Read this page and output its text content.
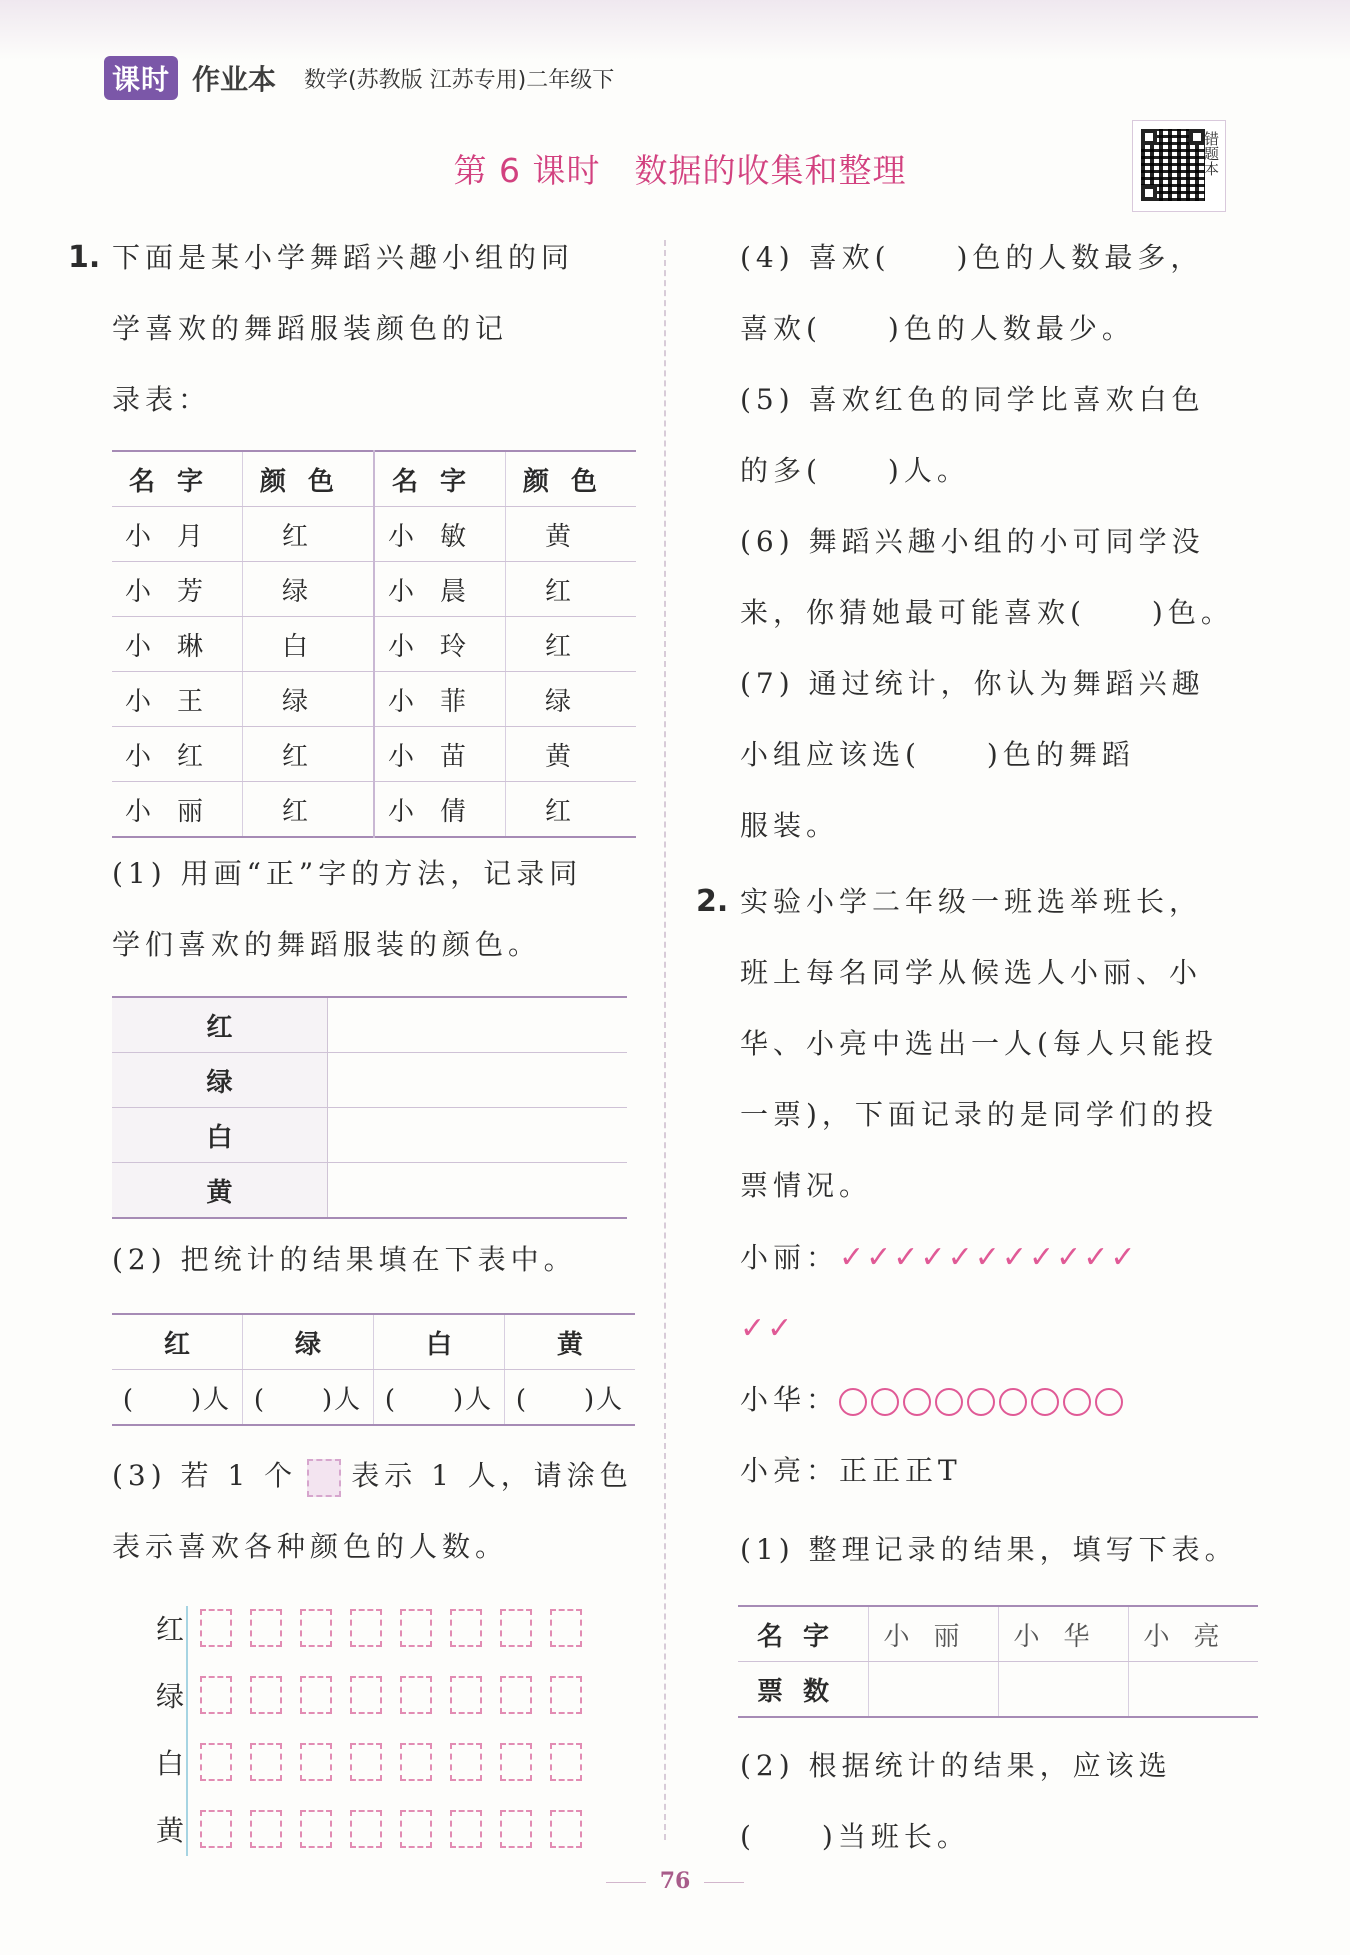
课时 作业本 数学(苏教版 江苏专用)二年级下
第 6 课时　数据的收集和整理	错题本
1. 下面是某小学舞蹈兴趣小组的同
学喜欢的舞蹈服装颜色的记
录表：
名字	颜色	名字	颜色
小月	红	小敏	黄
小芳	绿	小晨	红
小琳	白	小玲	红
小王	绿	小菲	绿
小红	红	小苗	黄
小丽	红	小倩	红
(1) 用画“正”字的方法，记录同
学们喜欢的舞蹈服装的颜色。
红	
绿	
白	
黄	
(2) 把统计的结果填在下表中。
红	绿	白	黄
(　　)人	(　　)人	(　　)人	(　　)人
(3) 若 1 个 表示 1 人，请涂色
表示喜欢各种颜色的人数。
红
绿
白
黄
(4) 喜欢(　　)色的人数最多，
喜欢(　　)色的人数最少。
(5) 喜欢红色的同学比喜欢白色
的多(　　)人。
(6) 舞蹈兴趣小组的小可同学没
来，你猜她最可能喜欢(　　)色。
(7) 通过统计，你认为舞蹈兴趣
小组应该选(　　)色的舞蹈
服装。
2. 实验小学二年级一班选举班长，
班上每名同学从候选人小丽、小
华、小亮中选出一人(每人只能投
一票)，下面记录的是同学们的投
票情况。
小丽：✓✓✓✓✓✓✓✓✓✓✓
✓✓
小华：
小亮：正正正T
(1) 整理记录的结果，填写下表。
名字	小丽	小华	小亮
票数			
(2) 根据统计的结果，应该选
(　　)当班长。
76
